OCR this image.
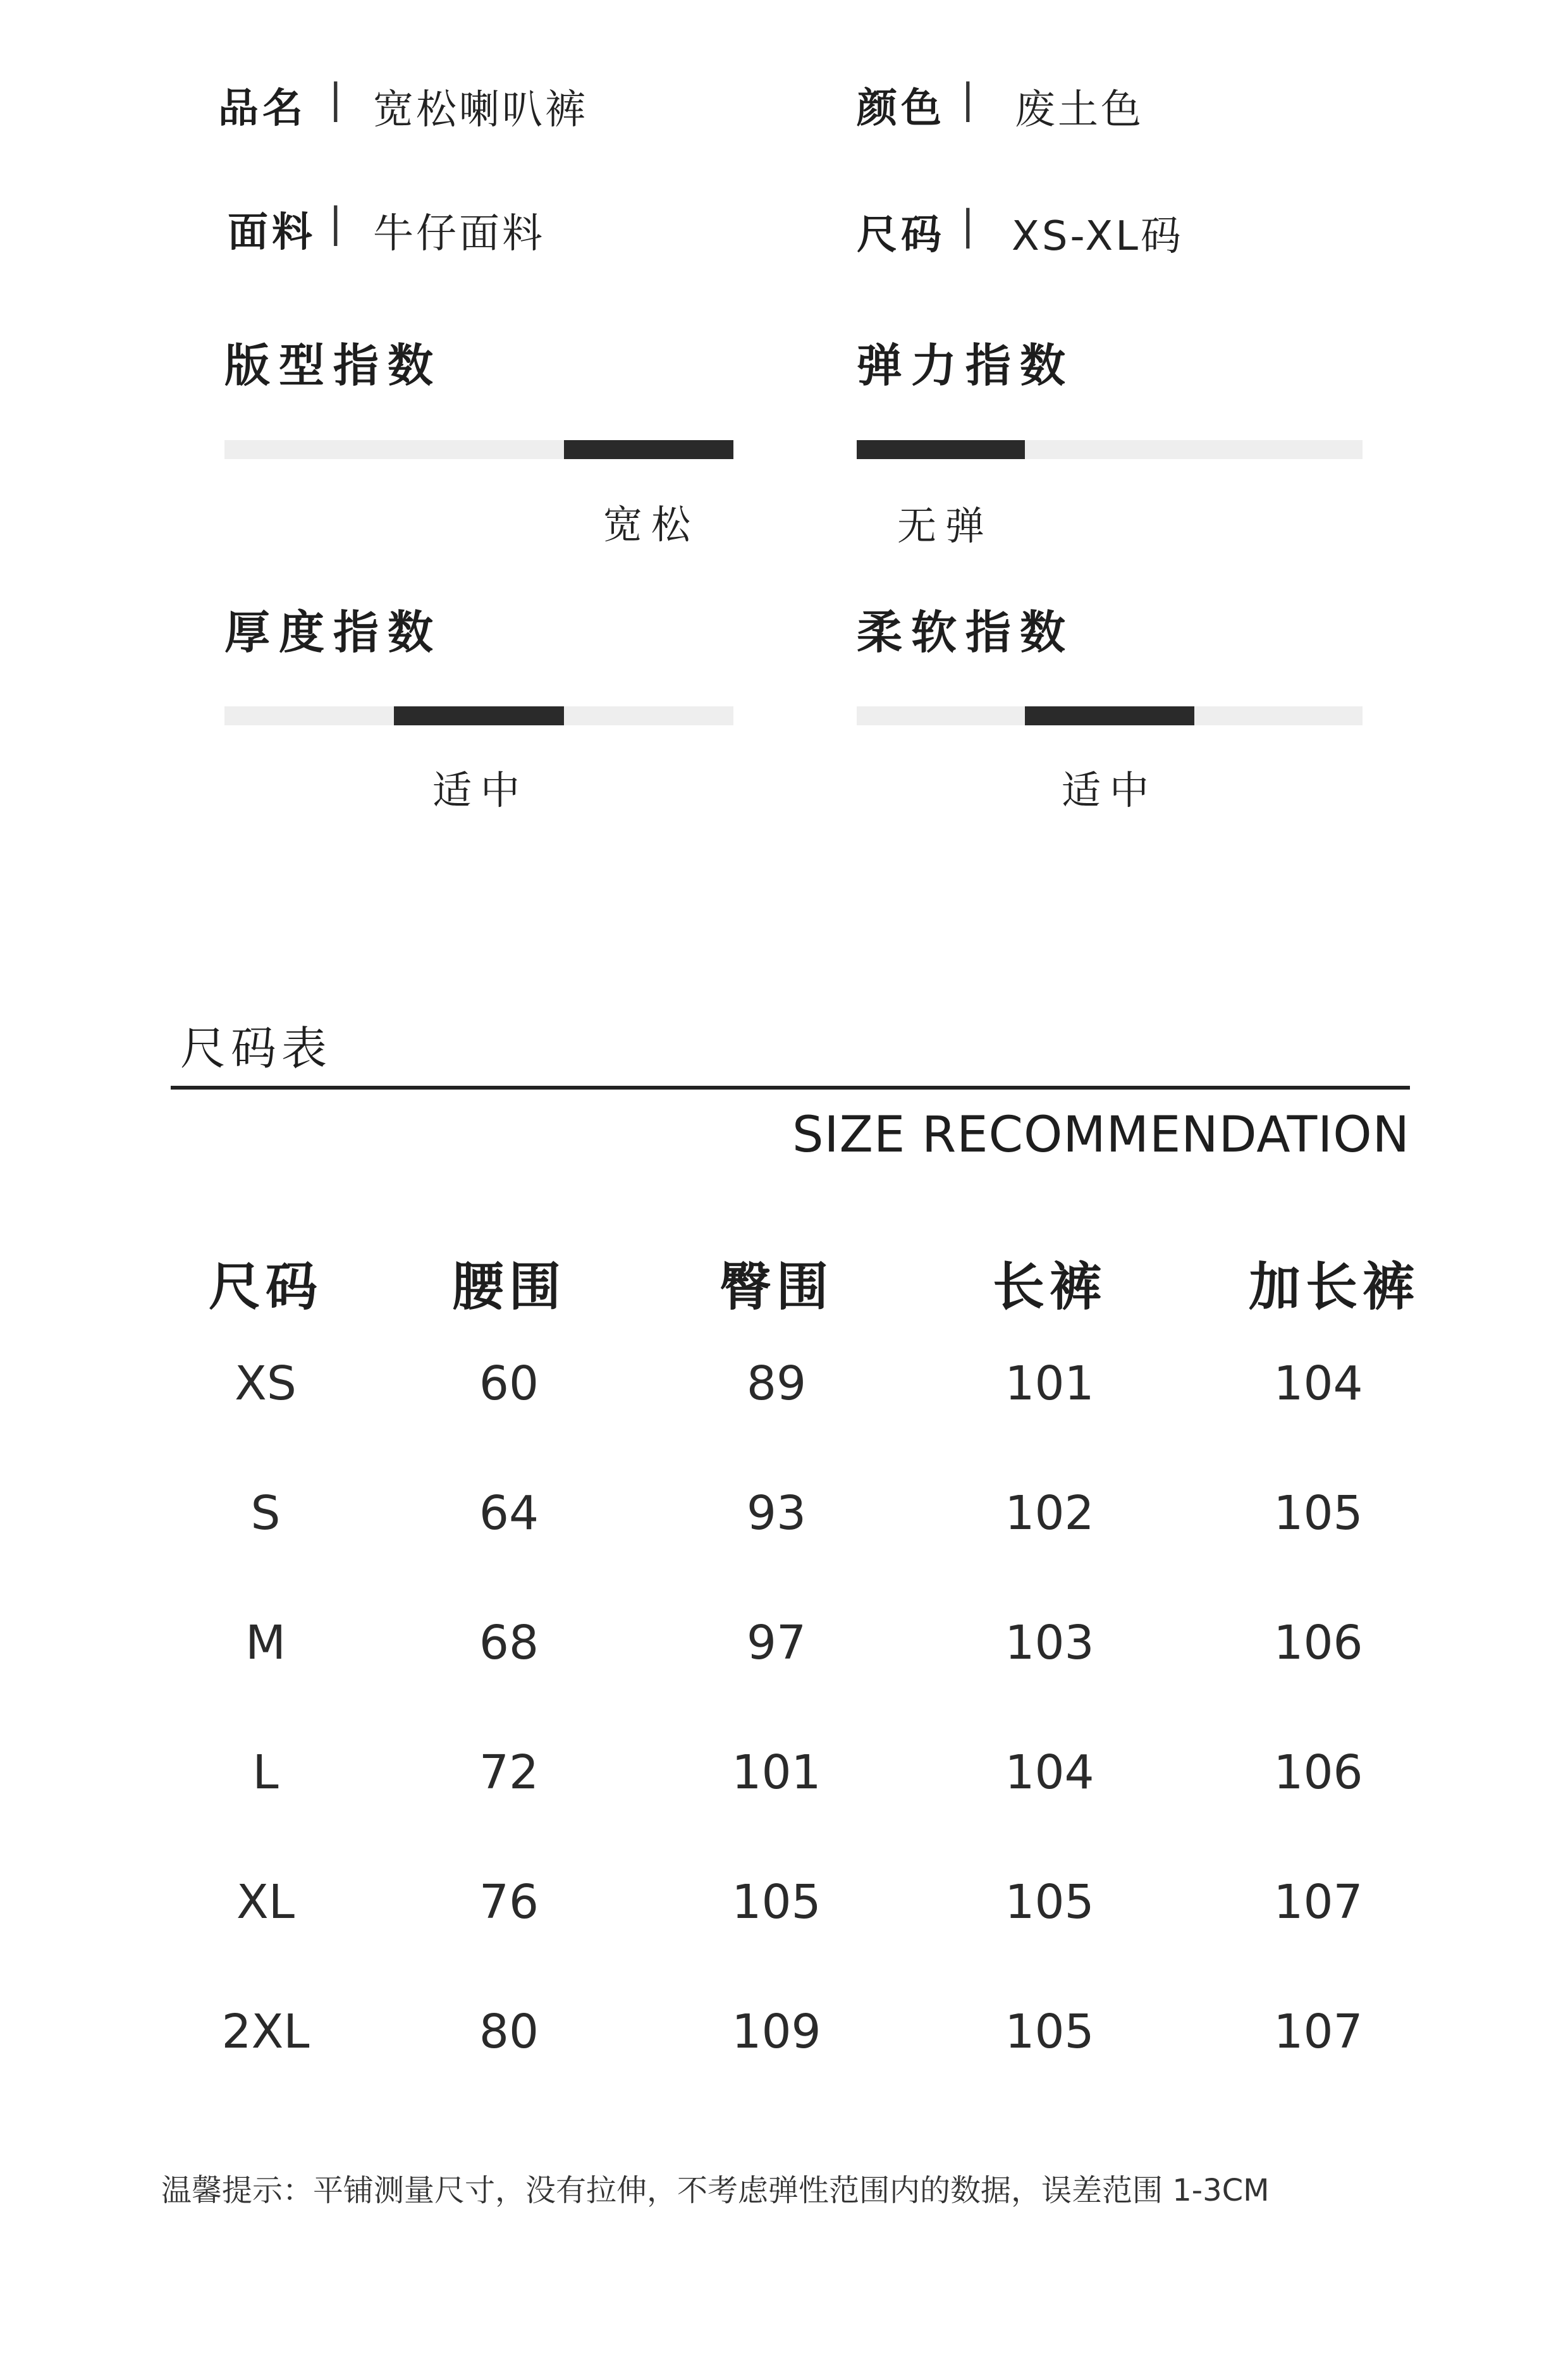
品名 | 宽松喇叭裤	颜色 | 废土色
面料 | 牛仔面料	尺码 | XS-XL码
版型指数
宽松
弹力指数
无弹
厚度指数
适中
柔软指数
适中
尺码表
SIZE RECOMMENDATION
尺码	腰围	臀围	长裤	加长裤
XS	60	89	101	104
S	64	93	102	105
M	68	97	103	106
L	72	101	104	106
XL	76	105	105	107
2XL	80	109	105	107
温馨提示：平铺测量尺寸，没有拉伸，不考虑弹性范围内的数据，误差范围 1-3CM
